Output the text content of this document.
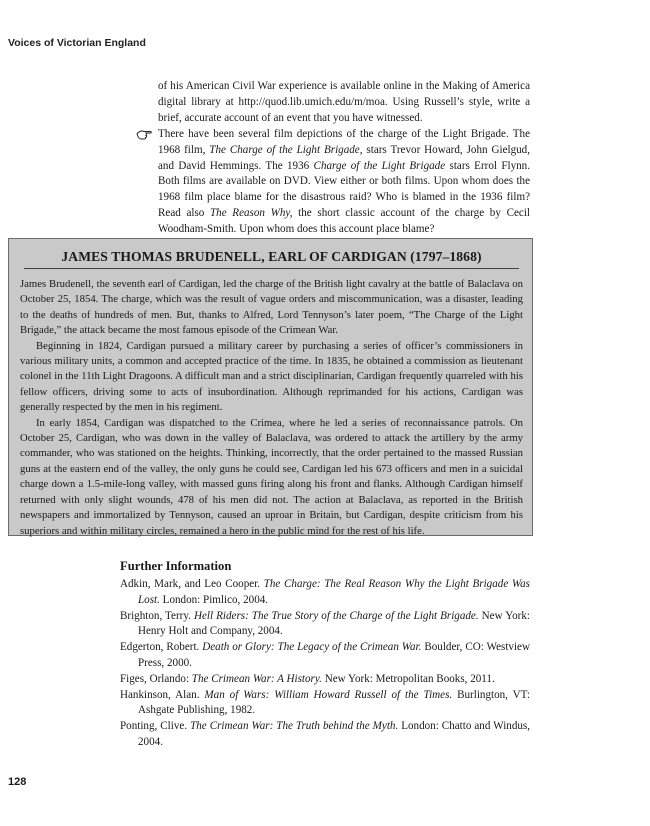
Voices of Victorian England

of his American Civil War experience is available online in the Making of America digital library at http://quod.lib.umich.edu/m/moa. Using Russell’s style, write a brief, accurate account of an event that you have witnessed.

There have been several film depictions of the charge of the Light Brigade. The 1968 film, The Charge of the Light Brigade, stars Trevor Howard, John Gielgud, and David Hemmings. The 1936 Charge of the Light Brigade stars Errol Flynn. Both films are available on DVD. View either or both films. Upon whom does the 1968 film place blame for the disastrous raid? Who is blamed in the 1936 film? Read also The Reason Why, the short classic account of the charge by Cecil Woodham-Smith. Upon whom does this account place blame?

JAMES THOMAS BRUDENELL, EARL OF CARDIGAN (1797–1868)

James Brudenell, the seventh earl of Cardigan, led the charge of the British light cavalry at the battle of Balaclava on October 25, 1854. The charge, which was the result of vague orders and miscommunication, was a disaster, leading to the deaths of hundreds of men. But, thanks to Alfred, Lord Tennyson’s later poem, “The Charge of the Light Brigade,” the attack became the most famous episode of the Crimean War.

Beginning in 1824, Cardigan pursued a military career by purchasing a series of officer’s commissioners in various military units, a common and accepted practice of the time. In 1835, he obtained a commission as lieutenant colonel in the 11th Light Dragoons. A difficult man and a strict disciplinarian, Cardigan frequently quarreled with his fellow officers, driving some to acts of insubordination. Although reprimanded for his actions, Cardigan was generally respected by the men in his regiment.

In early 1854, Cardigan was dispatched to the Crimea, where he led a series of reconnaissance patrols. On October 25, Cardigan, who was down in the valley of Balaclava, was ordered to attack the artillery by the army commander, who was stationed on the heights. Thinking, incorrectly, that the order pertained to the massed Russian guns at the eastern end of the valley, the only guns he could see, Cardigan led his 673 officers and men in a suicidal charge down a 1.5-mile-long valley, with massed guns firing along his front and flanks. Although Cardigan himself returned with only slight wounds, 478 of his men did not. The action at Balaclava, as reported in the British newspapers and immortalized by Tennyson, caused an uproar in Britain, but Cardigan, despite criticism from his superiors and within military circles, remained a hero in the public mind for the rest of his life.

Further Information

Adkin, Mark, and Leo Cooper. The Charge: The Real Reason Why the Light Brigade Was Lost. London: Pimlico, 2004.

Brighton, Terry. Hell Riders: The True Story of the Charge of the Light Brigade. New York: Henry Holt and Company, 2004.

Edgerton, Robert. Death or Glory: The Legacy of the Crimean War. Boulder, CO: Westview Press, 2000.

Figes, Orlando: The Crimean War: A History. New York: Metropolitan Books, 2011.

Hankinson, Alan. Man of Wars: William Howard Russell of the Times. Burlington, VT: Ashgate Publishing, 1982.

Ponting, Clive. The Crimean War: The Truth behind the Myth. London: Chatto and Windus, 2004.

128
